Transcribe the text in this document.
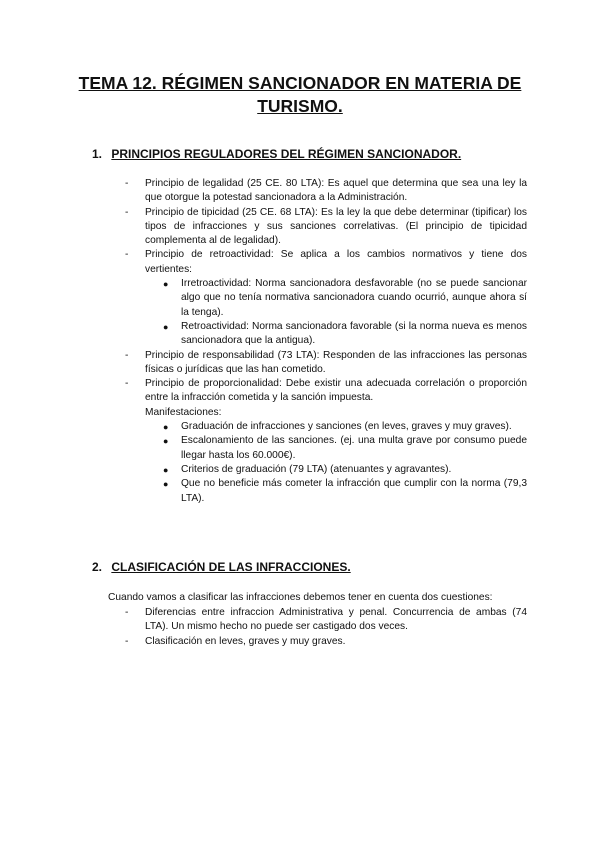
TEMA 12. RÉGIMEN SANCIONADOR EN MATERIA DE TURISMO.
1. PRINCIPIOS REGULADORES DEL RÉGIMEN SANCIONADOR.
- Principio de legalidad (25 CE. 80 LTA): Es aquel que determina que sea una ley la que otorgue la potestad sancionadora a la Administración.
- Principio de tipicidad (25 CE. 68 LTA): Es la ley la que debe determinar (tipificar) los tipos de infracciones y sus sanciones correlativas. (El principio de tipicidad complementa al de legalidad).
- Principio de retroactividad: Se aplica a los cambios normativos y tiene dos vertientes:
● Irretroactividad: Norma sancionadora desfavorable (no se puede sancionar algo que no tenía normativa sancionadora cuando ocurrió, aunque ahora sí la tenga).
● Retroactividad: Norma sancionadora favorable (si la norma nueva es menos sancionadora que la antigua).
- Principio de responsabilidad (73 LTA): Responden de las infracciones las personas físicas o jurídicas que las han cometido.
- Principio de proporcionalidad: Debe existir una adecuada correlación o proporción entre la infracción cometida y la sanción impuesta.

Manifestaciones:

● Graduación de infracciones y sanciones (en leves, graves y muy graves).
● Escalonamiento de las sanciones. (ej. una multa grave por consumo puede llegar hasta los 60.000€).
● Criterios de graduación (79 LTA) (atenuantes y agravantes).
● Que no beneficie más cometer la infracción que cumplir con la norma (79,3 LTA).
2. CLASIFICACIÓN DE LAS INFRACCIONES.

Cuando vamos a clasificar las infracciones debemos tener en cuenta dos cuestiones:

- Diferencias entre infraccion Administrativa y penal. Concurrencia de ambas (74 LTA). Un mismo hecho no puede ser castigado dos veces.
- Clasificación en leves, graves y muy graves.
